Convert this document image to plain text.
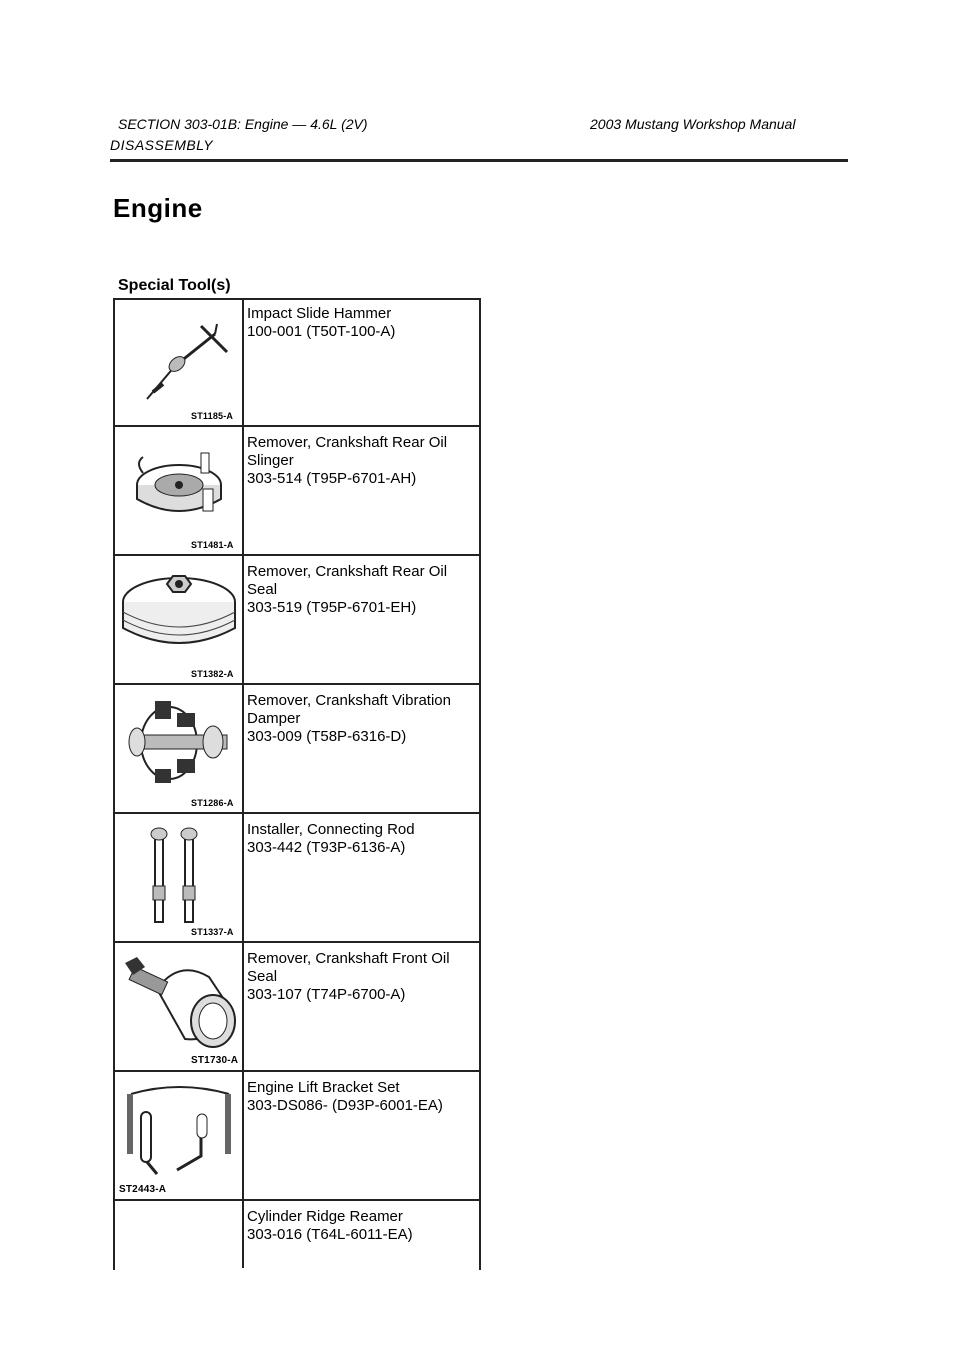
SECTION 303-01B: Engine — 4.6L (2V)	2003 Mustang Workshop Manual
DISASSEMBLY
Engine
Special Tool(s)
ST1185-A
Impact Slide Hammer
100-001 (T50T-100-A)
ST1481-A
Remover, Crankshaft Rear Oil
Slinger
303-514 (T95P-6701-AH)
ST1382-A
Remover, Crankshaft Rear Oil
Seal
303-519 (T95P-6701-EH)
ST1286-A
Remover, Crankshaft Vibration
Damper
303-009 (T58P-6316-D)
ST1337-A
Installer, Connecting Rod
303-442 (T93P-6136-A)
ST1730-A
Remover, Crankshaft Front Oil
Seal
303-107 (T74P-6700-A)
ST2443-A
Engine Lift Bracket Set
303-DS086- (D93P-6001-EA)
Cylinder Ridge Reamer
303-016 (T64L-6011-EA)
